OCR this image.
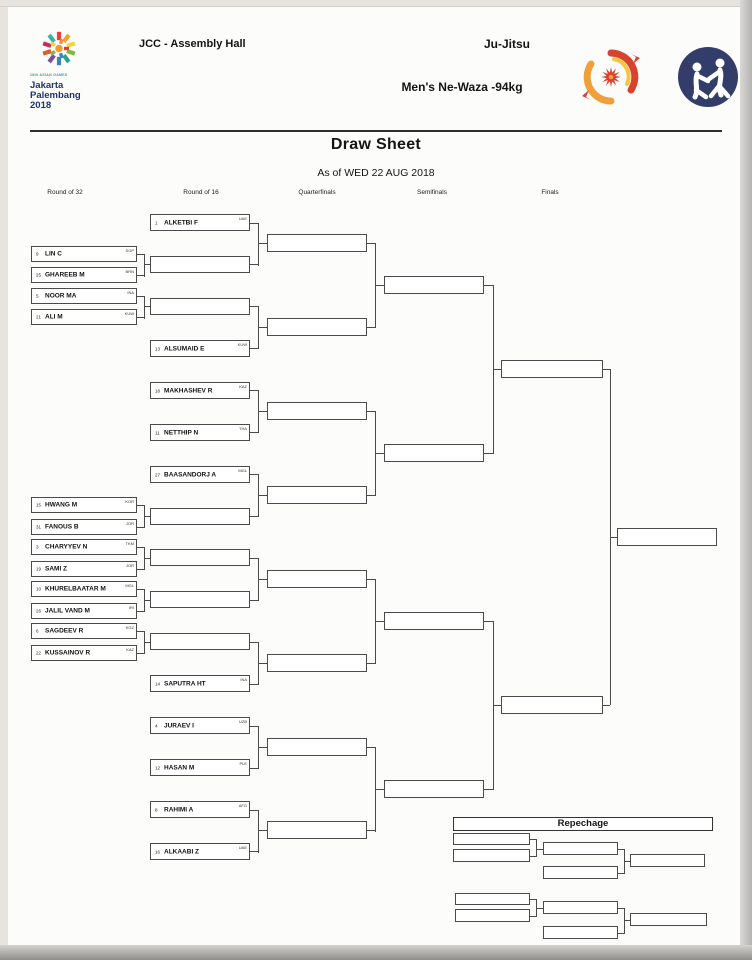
18th ASIAN GAMES
Jakarta
Palembang
2018
JCC - Assembly Hall	Ju-Jitsu
Men's Ne-Waza -94kg
Draw Sheet
As of WED 22 AUG 2018
Round of 32	Round of 16	Quarterfinals	Semifinals	Finals
Repechage
9 LIN C	SGP
25 GHAREEB M	BRN
5 NOOR MA	INA
21 ALI M	KUW
15 HWANG M	KOR
31 FANOUS B	JOR
3 CHARYYEV N	TKM
19 SAMI Z	JOR
10 KHURELBAATAR M	MGL
26 JALIL VAND M	IRI
6 SAGDEEV R	KGZ
22 KUSSAINOV R	KAZ
1 ALKETBI F
UAE
13 ALSUMAID E
KUW
18 MAKHASHEV R
KAZ
11 NETTHIP N
THA
27 BAASANDORJ A
MGL
14 SAPUTRA HT
INA
4 JURAEV I
UZB
12 HASAN M
PLE
8 RAHIMI A
AFG
16 ALKAABI Z
UAE
